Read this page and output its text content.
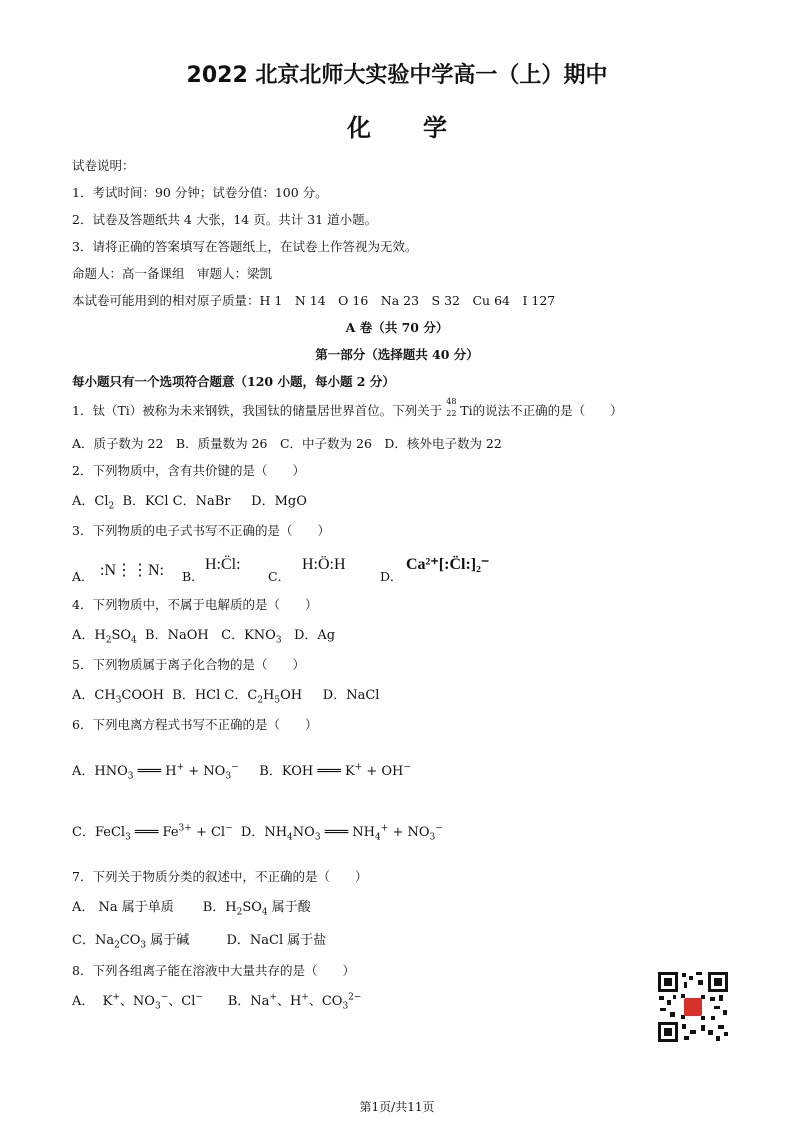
2022 北京北师大实验中学高一（上）期中
化学
试卷说明：
1．考试时间：90 分钟；试卷分值：100 分。
2．试卷及答题纸共 4 大张，14 页。共计 31 道小题。
3．请将正确的答案填写在答题纸上，在试卷上作答视为无效。
命题人：高一备课组　审题人：梁凯
本试卷可能用到的相对原子质量：H 1　N 14　O 16　Na 23　S 32　Cu 64　I 127
A 卷（共 70 分）
第一部分（选择题共 40 分）
每小题只有一个选项符合题意（120 小题，每小题 2 分）
1．钛（Ti）被称为未来钢铁，我国钛的储量居世界首位。下列关于
48
22 Ti的说法不正确的是（　　）
A．质子数为 22　B．质量数为 26　C．中子数为 26　D．核外电子数为 22
2．下列物质中，含有共价键的是（　　）
A．$Cl_2$  B．KCl C．NaBr     D．MgO
3．下列物质的电子式书写不正确的是（　　）
A． :N⋮⋮N: B．
H:C̈l:
C．
H:Ö:H
D．
Ca²⁺[:C̈l:]₂⁻
4．下列物质中，不属于电解质的是（　　）
A．$H_2SO_4$  B．NaOH   C．$KNO_3$   D．Ag
5．下列物质属于离子化合物的是（　　）
A．$CH_3COOH$  B．HCl C．$C_2H_5OH$     D．NaCl
6．下列电离方程式书写不正确的是（　　）
A．$HNO_3$ ═══ $H^+ + NO_3^-$     B．KOH ═══ K+ + OH−
C．FeCl$_3$ ═══ $Fe^{3+} + Cl^-$  D．$NH_4NO_3$ ═══ $NH_4^+ + NO_3^-$
7．下列关于物质分类的叙述中，不正确的是（　　）
A． Na 属于单质       B．$H_2SO_4$ 属于酸
C．$Na_2CO_3$ 属于碱         D．NaCl 属于盐
8．下列各组离子能在溶液中大量共存的是（　　）
A．  K+、$NO_3^-$、Cl−      B．Na+、H+、$CO_3^{2-}$
第1页/共11页
